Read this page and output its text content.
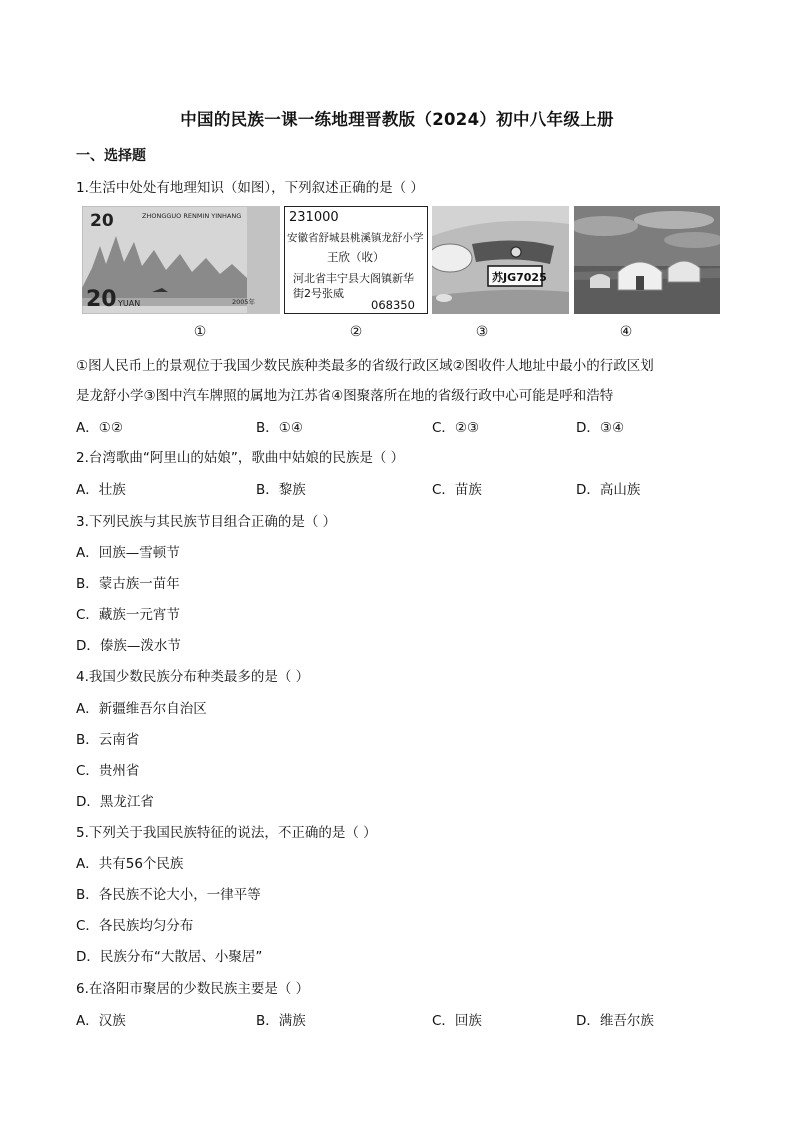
中国的民族一课一练地理晋教版（2024）初中八年级上册
一、选择题
1.生活中处处有地理知识（如图），下列叙述正确的是（ ）
20	ZHONGGUO RENMIN YINHANG
20 YUAN	2005年
231000
安徽省舒城县桃溪镇龙舒小学
王欣（收）
河北省丰宁县大阁镇新华
街2号张威
068350
苏JG7025
①	②	③	④
①图人民币上的景观位于我国少数民族种类最多的省级行政区域②图收件人地址中最小的行政区划
是龙舒小学③图中汽车牌照的属地为江苏省④图聚落所在地的省级行政中心可能是呼和浩特
A．①②	B．①④	C．②③	D．③④
2.台湾歌曲“阿里山的姑娘”，歌曲中姑娘的民族是（ ）
A．壮族	B．黎族	C．苗族	D．高山族
3.下列民族与其民族节目组合正确的是（ ）
A．回族—雪顿节
B．蒙古族一苗年
C．藏族一元宵节
D．傣族—泼水节
4.我国少数民族分布种类最多的是（ ）
A．新疆维吾尔自治区
B．云南省
C．贵州省
D．黑龙江省
5.下列关于我国民族特征的说法，不正确的是（ ）
A．共有56个民族
B．各民族不论大小，一律平等
C．各民族均匀分布
D．民族分布“大散居、小聚居”
6.在洛阳市聚居的少数民族主要是（ ）
A．汉族	B．满族	C．回族	D．维吾尔族
